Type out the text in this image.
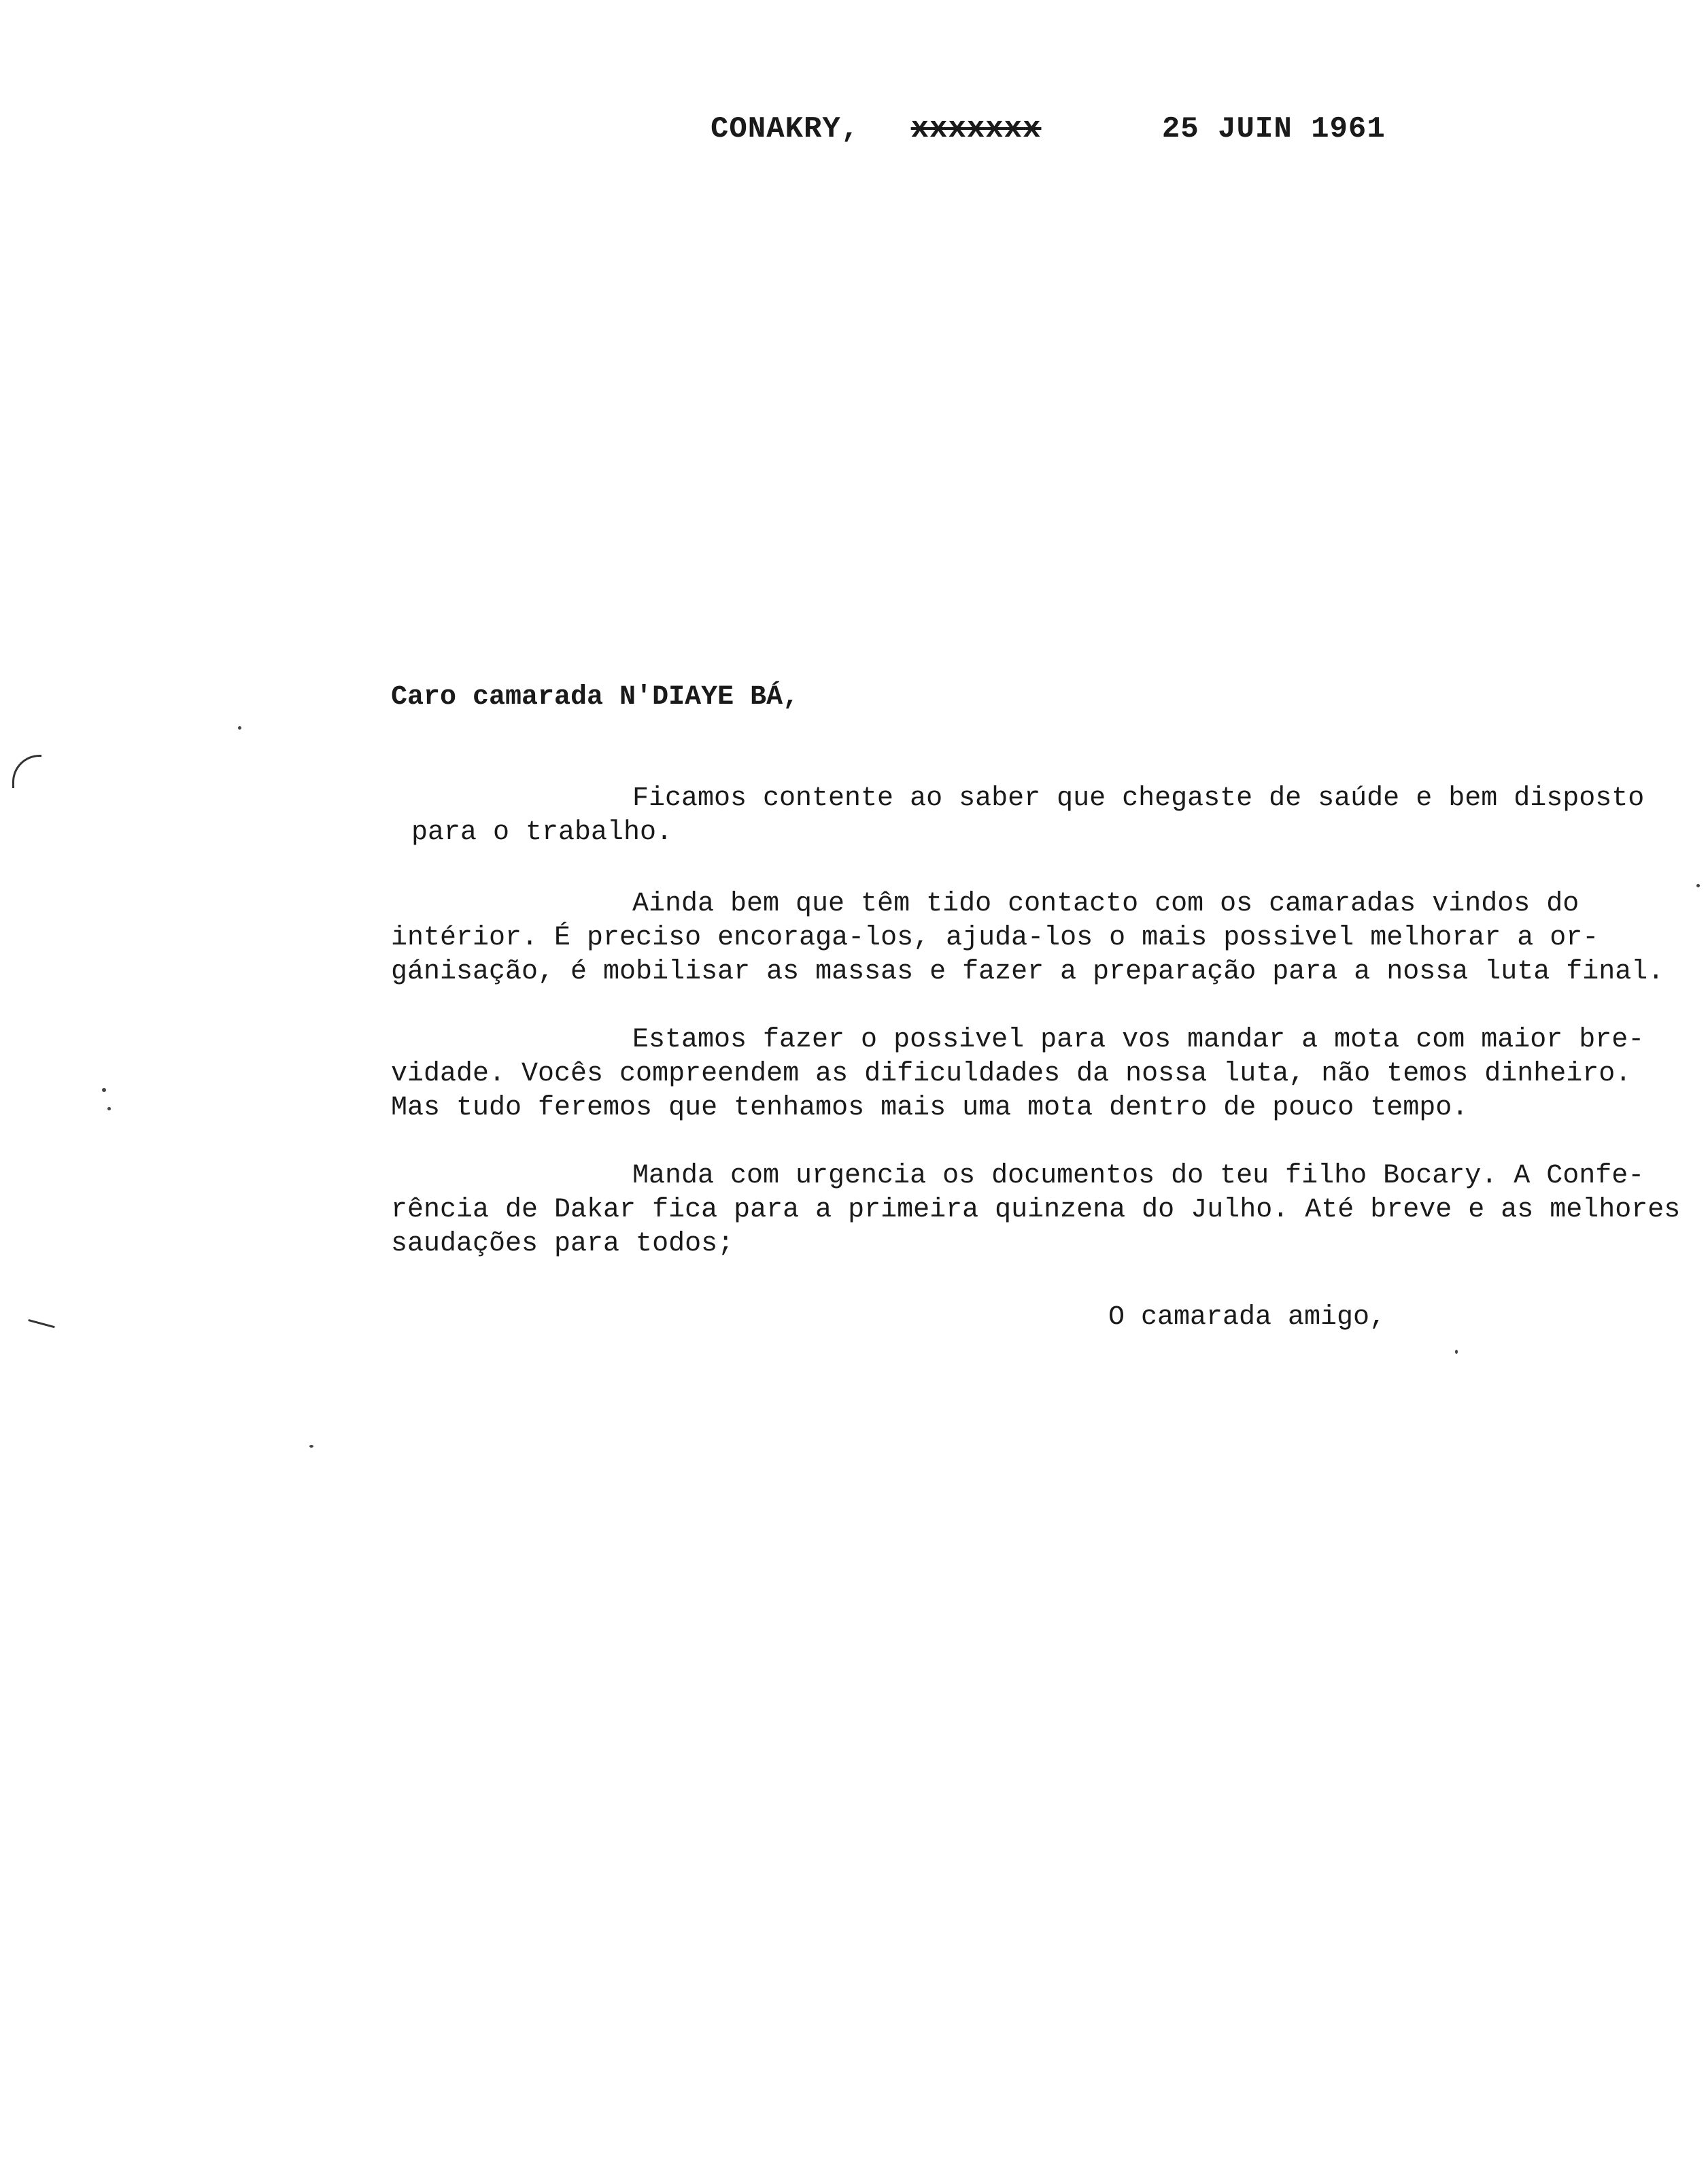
CONAKRY, xxxxxxx	25 JUIN 1961
Caro camarada N'DIAYE BÁ,
Ficamos contente ao saber que chegaste de saúde e bem disposto
para o trabalho.
Ainda bem que têm tido contacto com os camaradas vindos do
intérior. É preciso encoraga-los, ajuda-los o mais possivel melhorar a or-
gánisação, é mobilisar as massas e fazer a preparação para a nossa luta final.
Estamos fazer o possivel para vos mandar a mota com maior bre-
vidade. Vocês compreendem as dificuldades da nossa luta, não temos dinheiro.
Mas tudo feremos que tenhamos mais uma mota dentro de pouco tempo.
Manda com urgencia os documentos do teu filho Bocary. A Confe-
rência de Dakar fica para a primeira quinzena do Julho. Até breve e as melhores
saudações para todos;
O camarada amigo,
